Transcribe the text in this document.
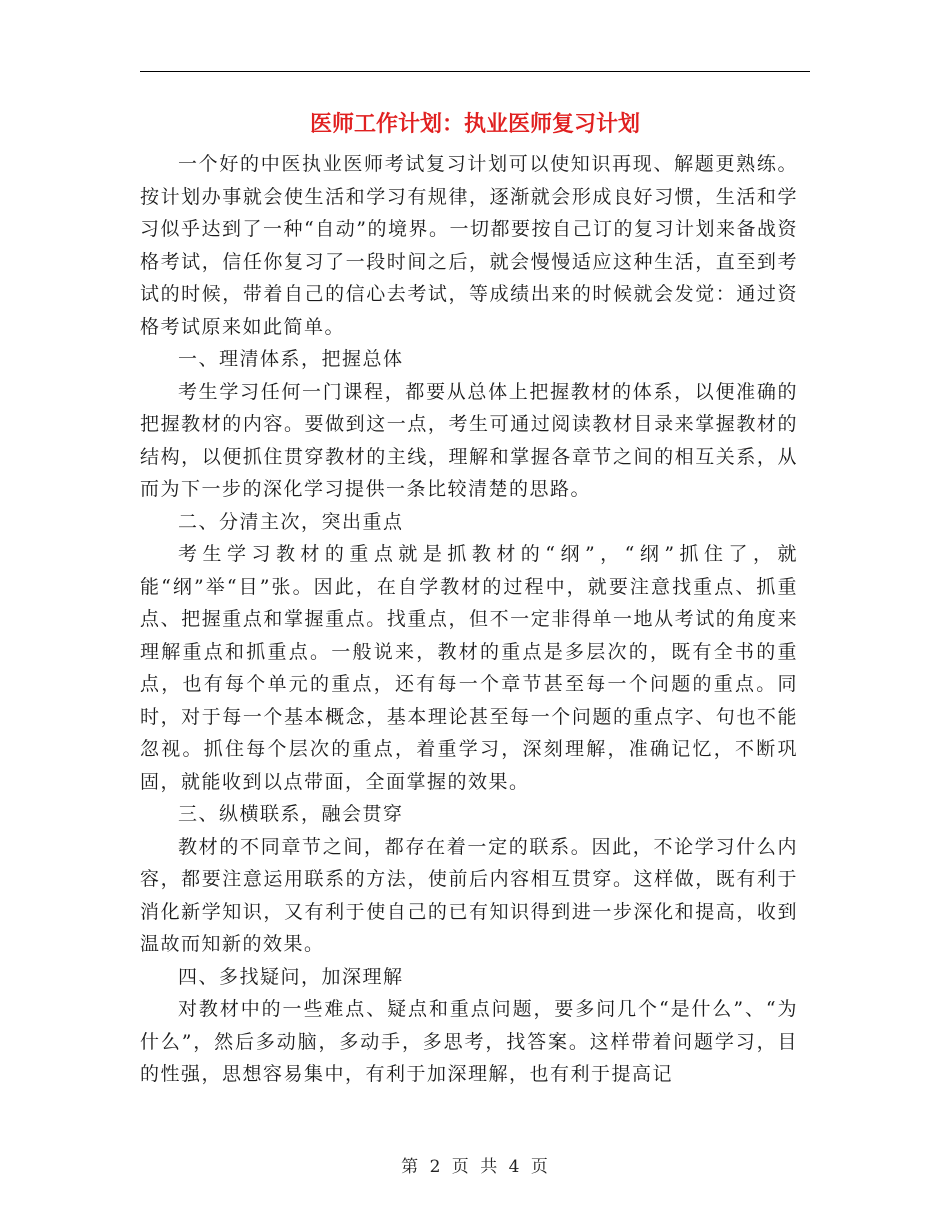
医师工作计划：执业医师复习计划

一个好的中医执业医师考试复习计划可以使知识再现、解题更熟练。按计划办事就会使生活和学习有规律，逐渐就会形成良好习惯，生活和学习似乎达到了一种“自动”的境界。一切都要按自己订的复习计划来备战资格考试，信任你复习了一段时间之后，就会慢慢适应这种生活，直至到考试的时候，带着自己的信心去考试，等成绩出来的时候就会发觉：通过资格考试原来如此简单。

一、理清体系，把握总体

考生学习任何一门课程，都要从总体上把握教材的体系，以便准确的把握教材的内容。要做到这一点，考生可通过阅读教材目录来掌握教材的结构，以便抓住贯穿教材的主线，理解和掌握各章节之间的相互关系，从而为下一步的深化学习提供一条比较清楚的思路。

二、分清主次，突出重点

考生学习教材的重点就是抓教材的“纲”，“纲”抓住了，就能“纲”举“目”张。因此，在自学教材的过程中，就要注意找重点、抓重点、把握重点和掌握重点。找重点，但不一定非得单一地从考试的角度来理解重点和抓重点。一般说来，教材的重点是多层次的，既有全书的重点，也有每个单元的重点，还有每一个章节甚至每一个问题的重点。同时，对于每一个基本概念，基本理论甚至每一个问题的重点字、句也不能忽视。抓住每个层次的重点，着重学习，深刻理解，准确记忆，不断巩固，就能收到以点带面，全面掌握的效果。

三、纵横联系，融会贯穿

教材的不同章节之间，都存在着一定的联系。因此，不论学习什么内容，都要注意运用联系的方法，使前后内容相互贯穿。这样做，既有利于消化新学知识，又有利于使自己的已有知识得到进一步深化和提高，收到温故而知新的效果。

四、多找疑问，加深理解

对教材中的一些难点、疑点和重点问题，要多问几个“是什么”、“为什么”，然后多动脑，多动手，多思考，找答案。这样带着问题学习，目的性强，思想容易集中，有利于加深理解，也有利于提高记

第 2 页 共 4 页
